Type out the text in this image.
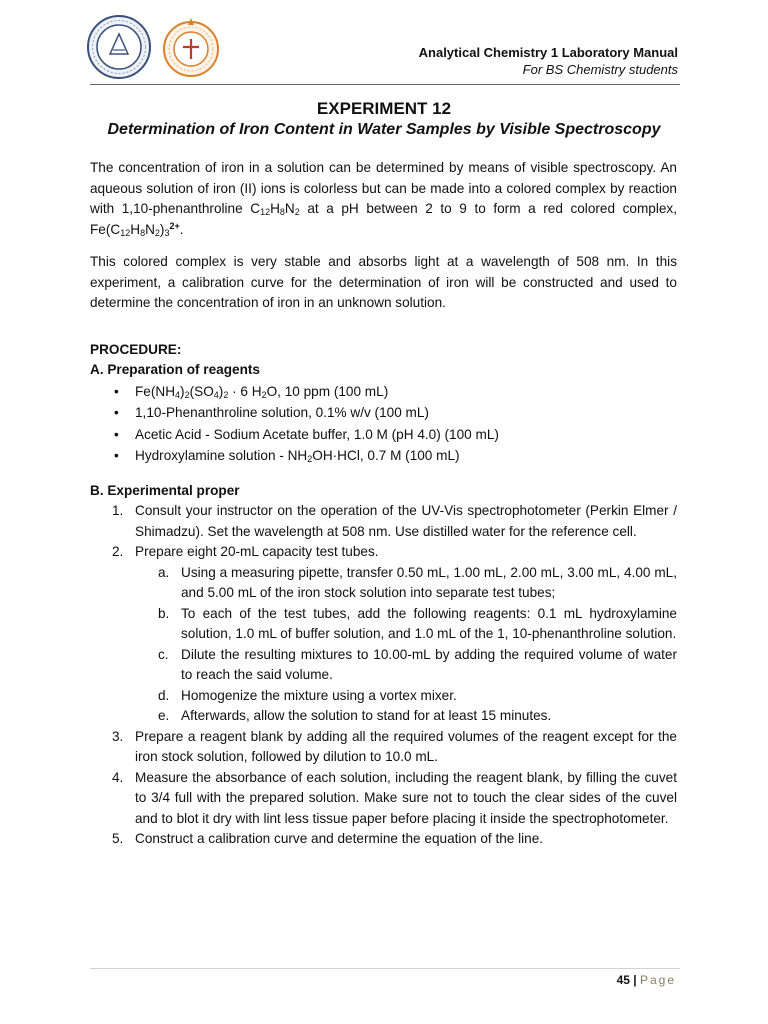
Analytical Chemistry 1 Laboratory Manual
For BS Chemistry students
EXPERIMENT 12
Determination of Iron Content in Water Samples by Visible Spectroscopy

The concentration of iron in a solution can be determined by means of visible spectroscopy. An aqueous solution of iron (II) ions is colorless but can be made into a colored complex by reaction with 1,10-phenanthroline $C_{12}H_8N_2$ at a pH between 2 to 9 to form a red colored complex, $Fe(C_{12}H_8N_2)_3^{2+}$.

This colored complex is very stable and absorbs light at a wavelength of 508 nm. In this experiment, a calibration curve for the determination of iron will be constructed and used to determine the concentration of iron in an unknown solution.

PROCEDURE:
A. Preparation of reagents
• $Fe(NH_4)_2(SO_4)_2 \cdot 6$ $H_2O$, 10 ppm (100 mL)
• 1,10-Phenanthroline solution, 0.1% w/v (100 mL)
• Acetic Acid - Sodium Acetate buffer, 1.0 M (pH 4.0) (100 mL)
• Hydroxylamine solution - $NH_2OH\cdot HCl$, 0.7 M (100 mL)
B. Experimental proper
1. Consult your instructor on the operation of the UV-Vis spectrophotometer (Perkin Elmer / Shimadzu). Set the wavelength at 508 nm. Use distilled water for the reference cell.
2. Prepare eight 20-mL capacity test tubes.
a. Using a measuring pipette, transfer 0.50 mL, 1.00 mL, 2.00 mL, 3.00 mL, 4.00 mL, and 5.00 mL of the iron stock solution into separate test tubes;
b. To each of the test tubes, add the following reagents: 0.1 mL hydroxylamine solution, 1.0 mL of buffer solution, and 1.0 mL of the 1, 10-phenanthroline solution.
c. Dilute the resulting mixtures to 10.00-mL by adding the required volume of water to reach the said volume.
d. Homogenize the mixture using a vortex mixer.
e. Afterwards, allow the solution to stand for at least 15 minutes.
3. Prepare a reagent blank by adding all the required volumes of the reagent except for the iron stock solution, followed by dilution to 10.0 mL.
4. Measure the absorbance of each solution, including the reagent blank, by filling the cuvet to 3/4 full with the prepared solution. Make sure not to touch the clear sides of the cuvel and to blot it dry with lint less tissue paper before placing it inside the spectrophotometer.
5. Construct a calibration curve and determine the equation of the line.
45 | Page
